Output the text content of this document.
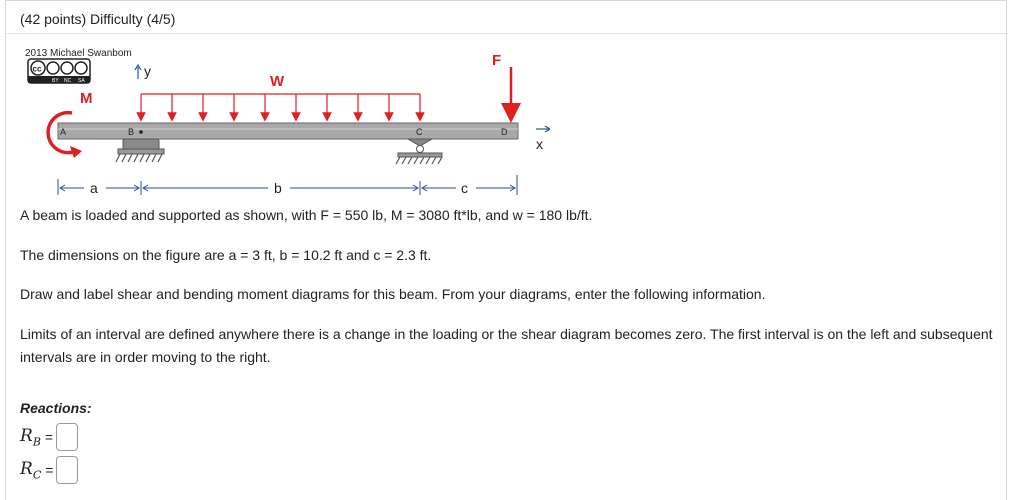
(42 points) Difficulty (4/5)
2013 Michael Swanbom
cc
BY NC SA
y
W
F
A	B	C	D
M
x
a	b	c

A beam is loaded and supported as shown, with F = 550 lb, M = 3080 ft*lb, and w = 180 lb/ft.

The dimensions on the figure are a = 3 ft, b = 10.2 ft and c = 2.3 ft.

Draw and label shear and bending moment diagrams for this beam. From your diagrams, enter the following information.

Limits of an interval are defined anywhere there is a change in the loading or the shear diagram becomes zero. The first interval is on the left and subsequent intervals are in order moving to the right.

Reactions:
$R_B$ =
$R_C$ =
